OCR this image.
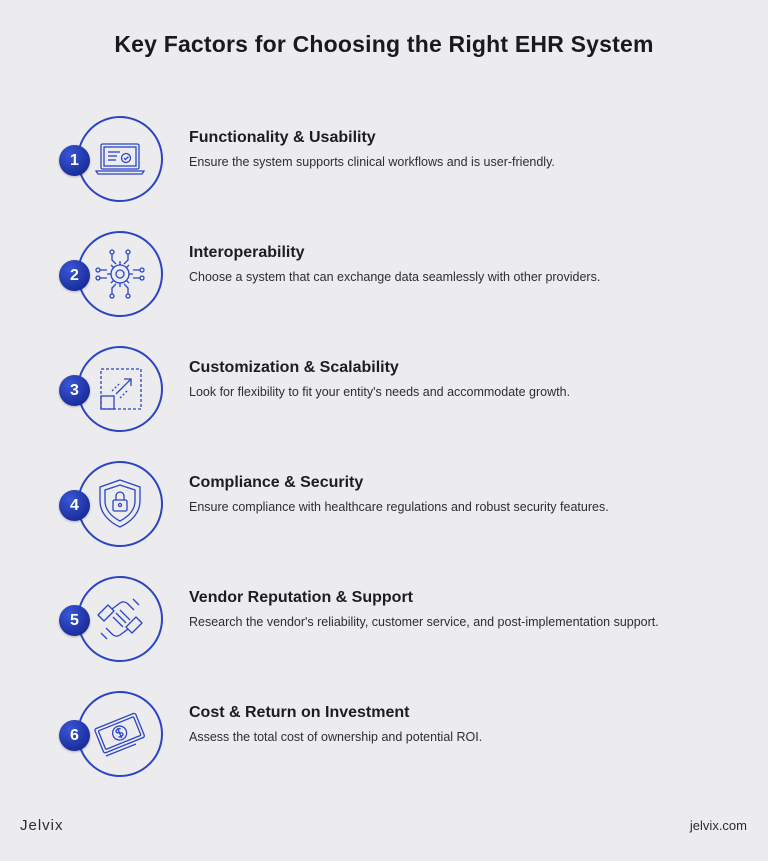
Key Factors for Choosing the Right EHR System
1
Functionality & Usability
Ensure the system supports clinical workflows and is user-friendly.
2
Interoperability
Choose a system that can exchange data seamlessly with other providers.
3
Customization & Scalability
Look for flexibility to fit your entity's needs and accommodate growth.
4
Compliance & Security
Ensure compliance with healthcare regulations and robust security features.
5
Vendor Reputation & Support
Research the vendor's reliability, customer service, and post-implementation support.
6
Cost & Return on Investment
Assess the total cost of ownership and potential ROI.
Jelvix	jelvix.com
